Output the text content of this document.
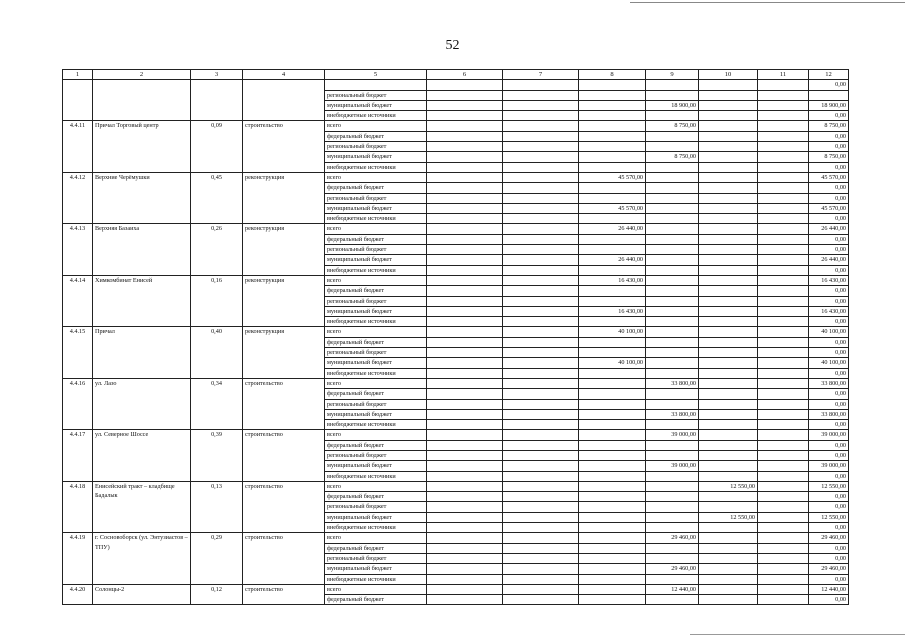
52
1	2	3	4	5	6	7	8	9	10	11	12
											0,00
				региональный бюджет							
				муниципальный бюджет				18 900,00			18 900,00
				внебюджетные источники							0,00
4.4.11	Причал Торговый центр	0,09	строительство	всего				8 750,00			8 750,00
				федеральный бюджет							0,00
				региональный бюджет							0,00
				муниципальный бюджет				8 750,00			8 750,00
				внебюджетные источники							0,00
4.4.12	Верхние Черёмушки	0,45	реконструкция	всего			45 570,00				45 570,00
				федеральный бюджет							0,00
				региональный бюджет							0,00
				муниципальный бюджет			45 570,00				45 570,00
				внебюджетные источники							0,00
4.4.13	Верхняя Базаиха	0,26	реконструкция	всего			26 440,00				26 440,00
				федеральный бюджет							0,00
				региональный бюджет							0,00
				муниципальный бюджет			26 440,00				26 440,00
				внебюджетные источники							0,00
4.4.14	Химкомбинат Енисей	0,16	реконструкция	всего			16 430,00				16 430,00
				федеральный бюджет							0,00
				региональный бюджет							0,00
				муниципальный бюджет			16 430,00				16 430,00
				внебюджетные источники							0,00
4.4.15	Причал	0,40	реконструкция	всего			40 100,00				40 100,00
				федеральный бюджет							0,00
				региональный бюджет							0,00
				муниципальный бюджет			40 100,00				40 100,00
				внебюджетные источники							0,00
4.4.16	ул. Лазо	0,34	строительство	всего				33 800,00			33 800,00
				федеральный бюджет							0,00
				региональный бюджет							0,00
				муниципальный бюджет				33 800,00			33 800,00
				внебюджетные источники							0,00
4.4.17	ул. Северное Шоссе	0,39	строительство	всего				39 000,00			39 000,00
				федеральный бюджет							0,00
				региональный бюджет							0,00
				муниципальный бюджет				39 000,00			39 000,00
				внебюджетные источники							0,00
4.4.18	Енисейский тракт – кладбище Бадалык	0,13	строительство	всего					12 550,00		12 550,00
				федеральный бюджет							0,00
				региональный бюджет							0,00
				муниципальный бюджет					12 550,00		12 550,00
				внебюджетные источники							0,00
4.4.19	г. Сосновоборск (ул. Энтузиастов – ТПУ)	0,29	строительство	всего				29 460,00			29 460,00
				федеральный бюджет							0,00
				региональный бюджет							0,00
				муниципальный бюджет				29 460,00			29 460,00
				внебюджетные источники							0,00
4.4.20	Солонцы-2	0,12	строительство	всего				12 440,00			12 440,00
				федеральный бюджет							0,00
